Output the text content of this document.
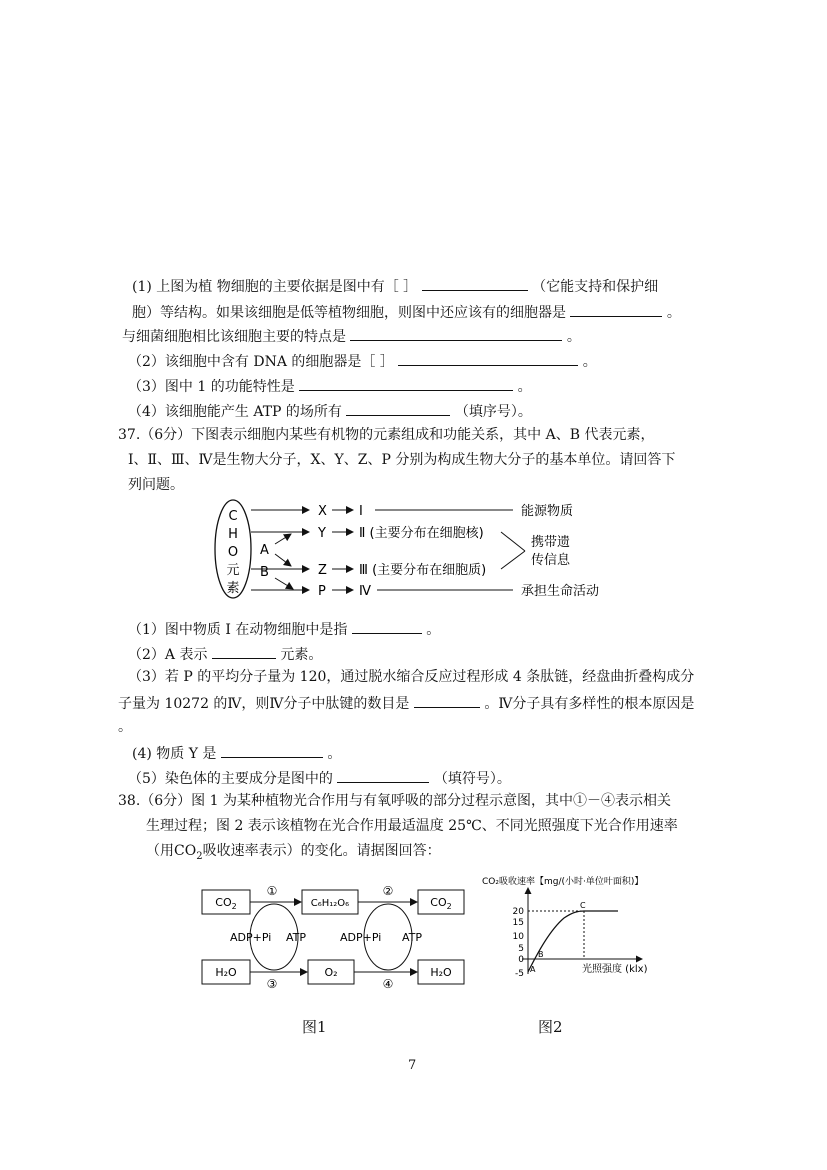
(1) 上图为植 物细胞的主要依据是图中有［ ］	（它能支持和保护细
胞）等结构。如果该细胞是低等植物细胞，则图中还应该有的细胞器是	。
与细菌细胞相比该细胞主要的特点是	。
（2）该细胞中含有 DNA 的细胞器是［ ］	。
（3）图中 1 的功能特性是	。
（4）该细胞能产生 ATP 的场所有	（填序号）。
37.（6分）下图表示细胞内某些有机物的元素组成和功能关系，其中 A、B 代表元素，
Ⅰ、Ⅱ、Ⅲ、Ⅳ是生物大分子，X、Y、Z、P 分别为构成生物大分子的基本单位。请回答下
列问题。
C
H
O
元
素
A
B
X
Y
Z
P
Ⅰ
Ⅱ (主要分布在细胞核)
Ⅲ (主要分布在细胞质)
Ⅳ
能源物质
携带遗
传信息
承担生命活动
（1）图中物质 I 在动物细胞中是指	。
（2）A 表示	元素。
（3）若 P 的平均分子量为 120，通过脱水缩合反应过程形成 4 条肽链，经盘曲折叠构成分
子量为 10272 的Ⅳ，则Ⅳ分子中肽键的数目是	。Ⅳ分子具有多样性的根本原因是
。
(4) 物质 Y 是	。
（5）染色体的主要成分是图中的	（填符号）。
38.（6分）图 1 为某种植物光合作用与有氧呼吸的部分过程示意图，其中①－④表示相关
生理过程；图 2 表示该植物在光合作用最适温度 25℃、不同光照强度下光合作用速率
（用$CO_2$吸收速率表示）的变化。请据图回答：
$CO_2$	C₆H₁₂O₆	$CO_2$
H₂O	O₂	H₂O
①	②
③	④
ADP+Pi ATP	ADP+Pi ATP
CO₂吸收速率【mg/(小时·单位叶面积)】
20
15
10
5
0
-5 A
B
C
光照强度 (klx)
图1	图2
7
